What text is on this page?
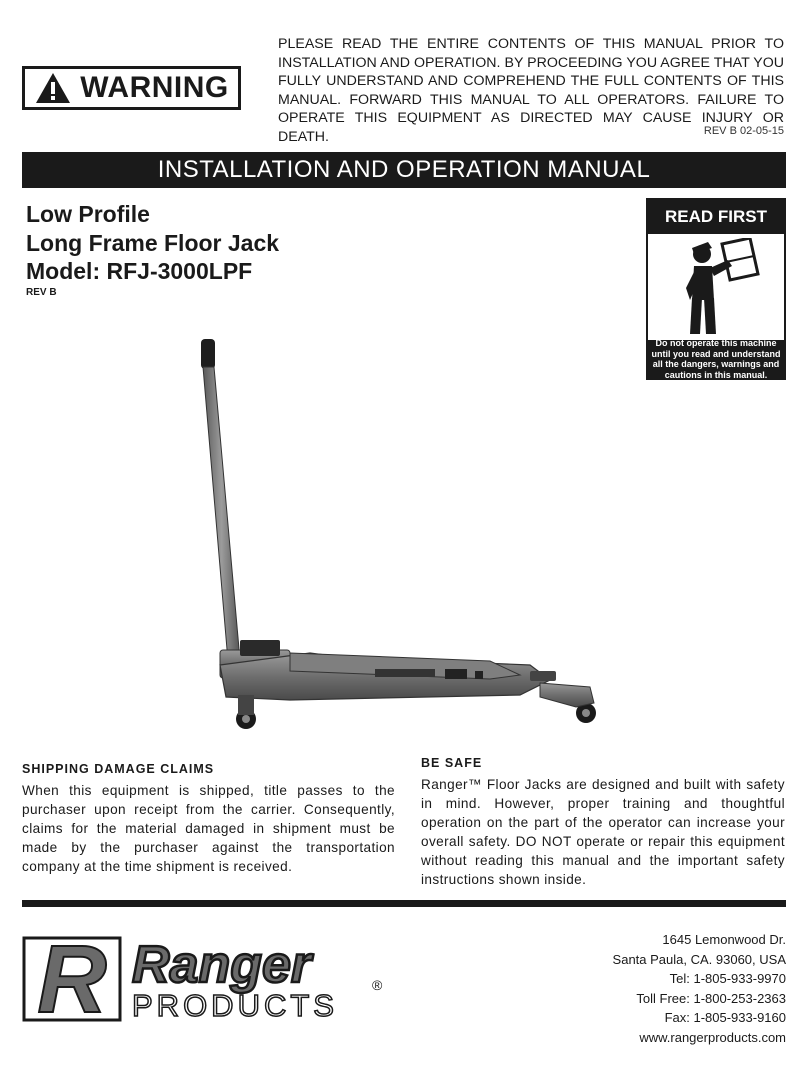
WARNING

PLEASE READ THE ENTIRE CONTENTS OF THIS MANUAL PRIOR TO INSTALLATION AND OPERATION. BY PROCEEDING YOU AGREE THAT YOU FULLY UNDERSTAND AND COMPREHEND THE FULL CONTENTS OF THIS MANUAL. FORWARD THIS MANUAL TO ALL OPERATORS. FAILURE TO OPERATE THIS EQUIPMENT AS DIRECTED MAY CAUSE INJURY OR DEATH.	REV B 02-05-15
INSTALLATION AND OPERATION MANUAL
Low Profile
Long Frame Floor Jack
Model: RFJ-3000LPF
REV B
READ FIRST
Do not operate this machine until you read and understand all the dangers, warnings and cautions in this manual.
SHIPPING DAMAGE CLAIMS

When this equipment is shipped, title passes to the purchaser upon receipt from the carrier. Consequently, claims for the material damaged in shipment must be made by the purchaser against the transportation company at the time shipment is received.

BE SAFE

Ranger™ Floor Jacks are designed and built with safety in mind. However, proper training and thoughtful operation on the part of the operator can increase your overall safety. DO NOT operate or repair this equipment without reading this manual and the important safety instructions shown inside.

R Ranger	®
PRODUCTS
1645 Lemonwood Dr.
Santa Paula, CA. 93060, USA
Tel: 1-805-933-9970
Toll Free: 1-800-253-2363
Fax: 1-805-933-9160
www.rangerproducts.com
